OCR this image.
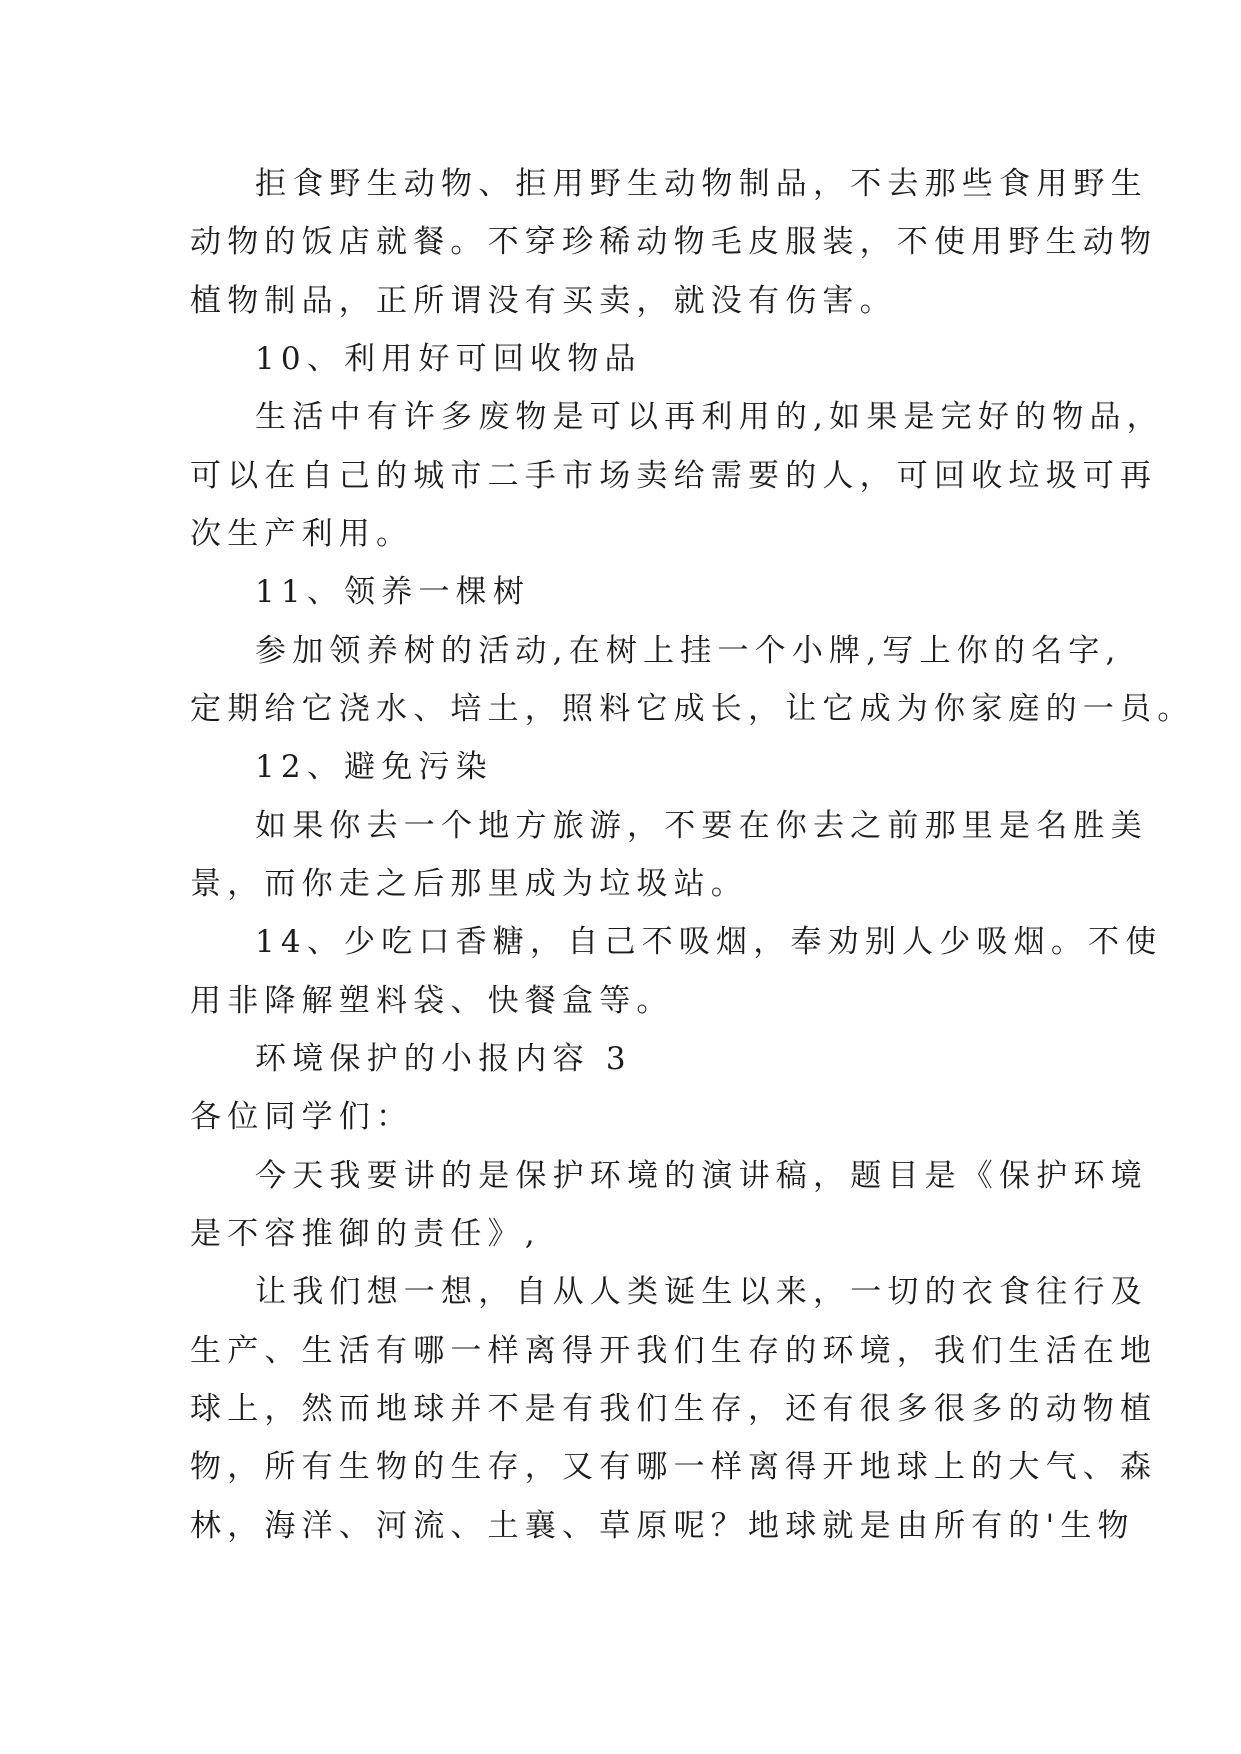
拒食野生动物、拒用野生动物制品，不去那些食用野生

动物的饭店就餐。不穿珍稀动物毛皮服装，不使用野生动物

植物制品，正所谓没有买卖，就没有伤害。

10、利用好可回收物品

生活中有许多废物是可以再利用的,如果是完好的物品，

可以在自己的城市二手市场卖给需要的人，可回收垃圾可再

次生产利用。

11、领养一棵树

参加领养树的活动,在树上挂一个小牌,写上你的名字,

定期给它浇水、培土，照料它成长，让它成为你家庭的一员。

12、避免污染

如果你去一个地方旅游，不要在你去之前那里是名胜美

景，而你走之后那里成为垃圾站。

14、少吃口香糖，自己不吸烟，奉劝别人少吸烟。不使

用非降解塑料袋、快餐盒等。

环境保护的小报内容 3

各位同学们：

今天我要讲的是保护环境的演讲稿，题目是《保护环境

是不容推御的责任》,

让我们想一想，自从人类诞生以来，一切的衣食往行及

生产、生活有哪一样离得开我们生存的环境，我们生活在地

球上，然而地球并不是有我们生存，还有很多很多的动物植

物，所有生物的生存，又有哪一样离得开地球上的大气、森

林，海洋、河流、土襄、草原呢？地球就是由所有的'生物
